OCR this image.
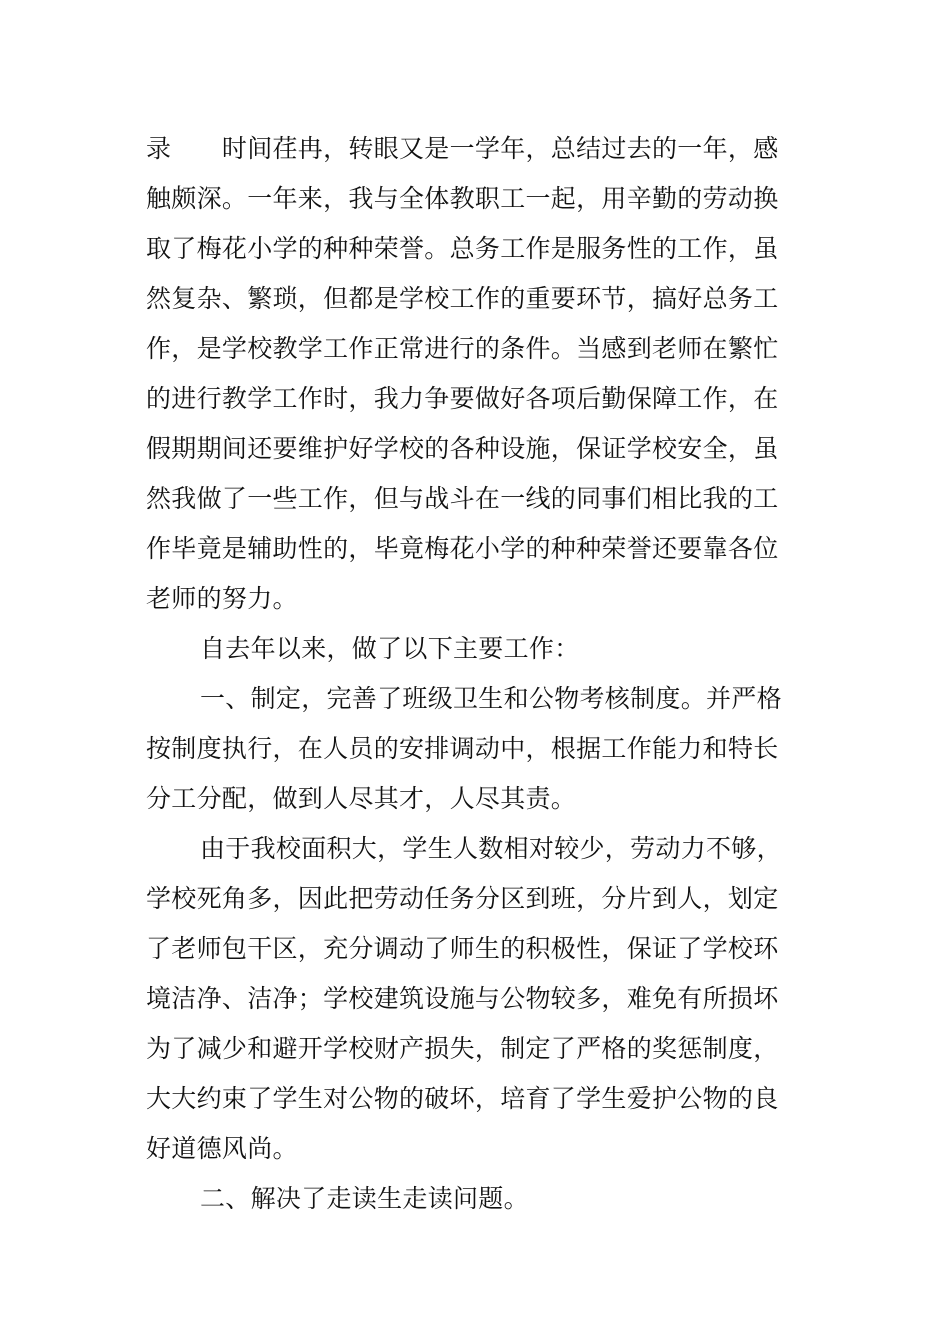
录　　时间荏冉，转眼又是一学年，总结过去的一年，感
触颇深。一年来，我与全体教职工一起，用辛勤的劳动换
取了梅花小学的种种荣誉。总务工作是服务性的工作，虽
然复杂、繁琐，但都是学校工作的重要环节，搞好总务工
作，是学校教学工作正常进行的条件。当感到老师在繁忙
的进行教学工作时，我力争要做好各项后勤保障工作，在
假期期间还要维护好学校的各种设施，保证学校安全，虽
然我做了一些工作，但与战斗在一线的同事们相比我的工
作毕竟是辅助性的，毕竟梅花小学的种种荣誉还要靠各位
老师的努力。
自去年以来，做了以下主要工作：
一、制定，完善了班级卫生和公物考核制度。并严格
按制度执行，在人员的安排调动中，根据工作能力和特长
分工分配，做到人尽其才，人尽其责。
由于我校面积大，学生人数相对较少，劳动力不够，
学校死角多，因此把劳动任务分区到班，分片到人，划定
了老师包干区，充分调动了师生的积极性，保证了学校环
境洁净、洁净；学校建筑设施与公物较多，难免有所损坏
为了减少和避开学校财产损失，制定了严格的奖惩制度，
大大约束了学生对公物的破坏，培育了学生爱护公物的良
好道德风尚。
二、解决了走读生走读问题。
